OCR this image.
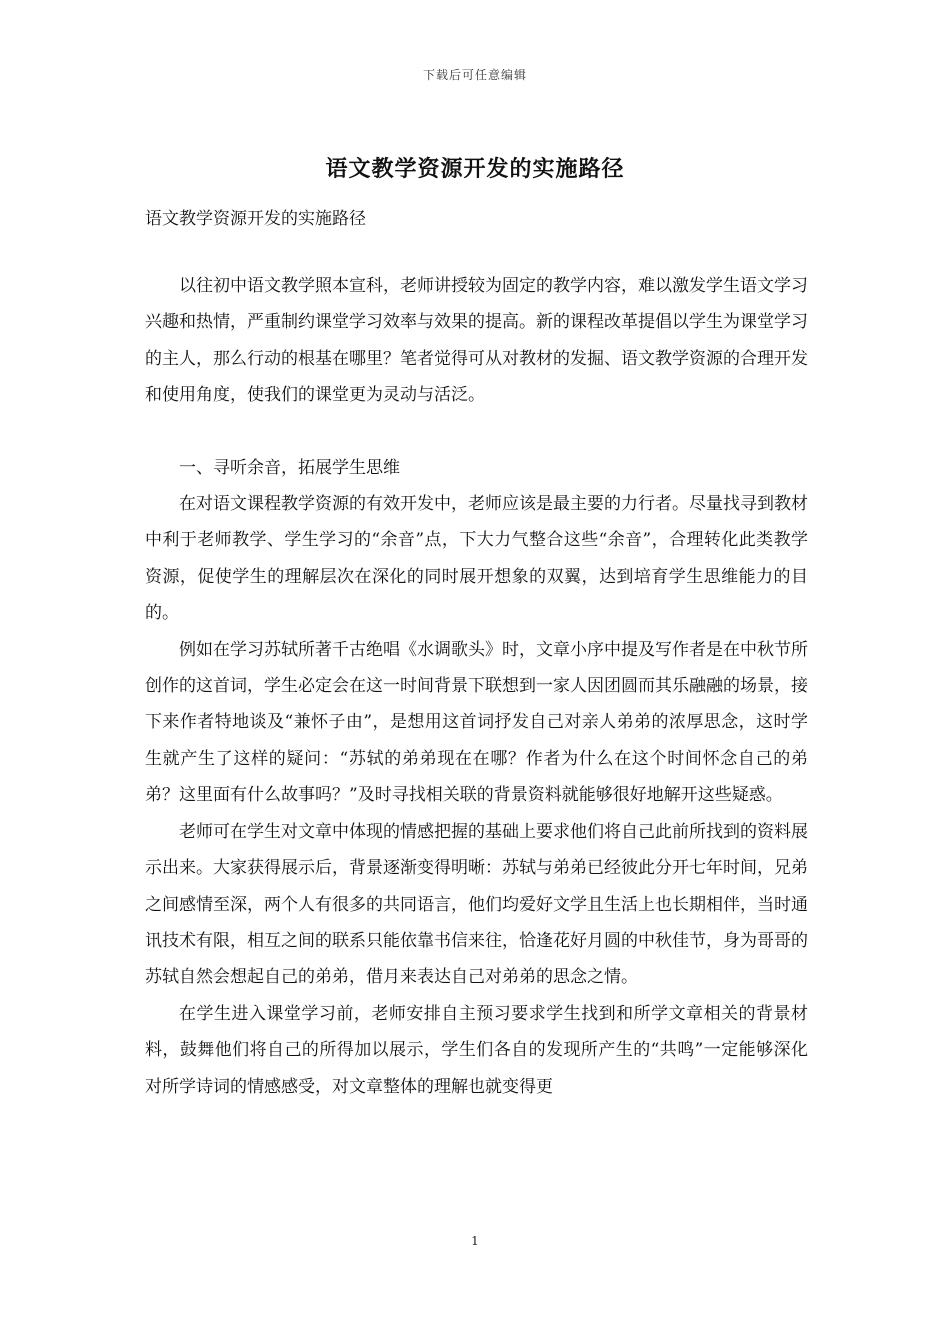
下载后可任意编辑
语文教学资源开发的实施路径
语文教学资源开发的实施路径

以往初中语文教学照本宣科，老师讲授较为固定的教学内容，难以激发学生语文学习兴趣和热情，严重制约课堂学习效率与效果的提高。新的课程改革提倡以学生为课堂学习的主人，那么行动的根基在哪里？笔者觉得可从对教材的发掘、语文教学资源的合理开发和使用角度，使我们的课堂更为灵动与活泛。

一、寻听余音，拓展学生思维

在对语文课程教学资源的有效开发中，老师应该是最主要的力行者。尽量找寻到教材中利于老师教学、学生学习的“余音”点，下大力气整合这些“余音”，合理转化此类教学资源，促使学生的理解层次在深化的同时展开想象的双翼，达到培育学生思维能力的目的。

例如在学习苏轼所著千古绝唱《水调歌头》时，文章小序中提及写作者是在中秋节所创作的这首词，学生必定会在这一时间背景下联想到一家人因团圆而其乐融融的场景，接下来作者特地谈及“兼怀子由”，是想用这首词抒发自己对亲人弟弟的浓厚思念，这时学生就产生了这样的疑问：“苏轼的弟弟现在在哪？作者为什么在这个时间怀念自己的弟弟？这里面有什么故事吗？”及时寻找相关联的背景资料就能够很好地解开这些疑惑。

老师可在学生对文章中体现的情感把握的基础上要求他们将自己此前所找到的资料展示出来。大家获得展示后，背景逐渐变得明晰：苏轼与弟弟已经彼此分开七年时间，兄弟之间感情至深，两个人有很多的共同语言，他们均爱好文学且生活上也长期相伴，当时通讯技术有限，相互之间的联系只能依靠书信来往，恰逢花好月圆的中秋佳节，身为哥哥的苏轼自然会想起自己的弟弟，借月来表达自己对弟弟的思念之情。

在学生进入课堂学习前，老师安排自主预习要求学生找到和所学文章相关的背景材料，鼓舞他们将自己的所得加以展示，学生们各自的发现所产生的“共鸣”一定能够深化对所学诗词的情感感受，对文章整体的理解也就变得更

1
